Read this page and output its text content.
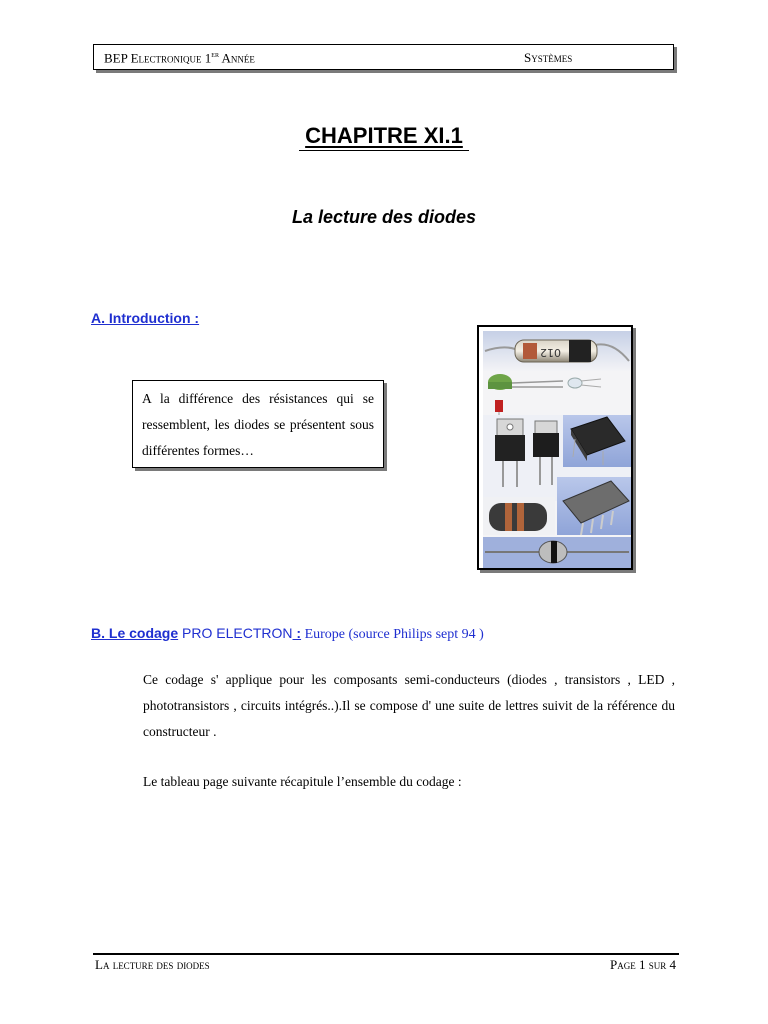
BEP Electronique 1er Année	Systèmes
CHAPITRE XI.1
La lecture des diodes
A. Introduction :
A la différence des résistances qui se ressemblent, les diodes se présentent sous différentes formes…
012
B. Le codage PRO ELECTRON : Europe (source Philips sept 94 )
Ce codage s' applique pour les composants semi-conducteurs (diodes , transistors , LED , phototransistors , circuits intégrés..).Il se compose d' une suite de lettres suivit de la référence du constructeur .
Le tableau page suivante récapitule l’ensemble du codage :
La lecture des diodes	Page 1 sur 4
